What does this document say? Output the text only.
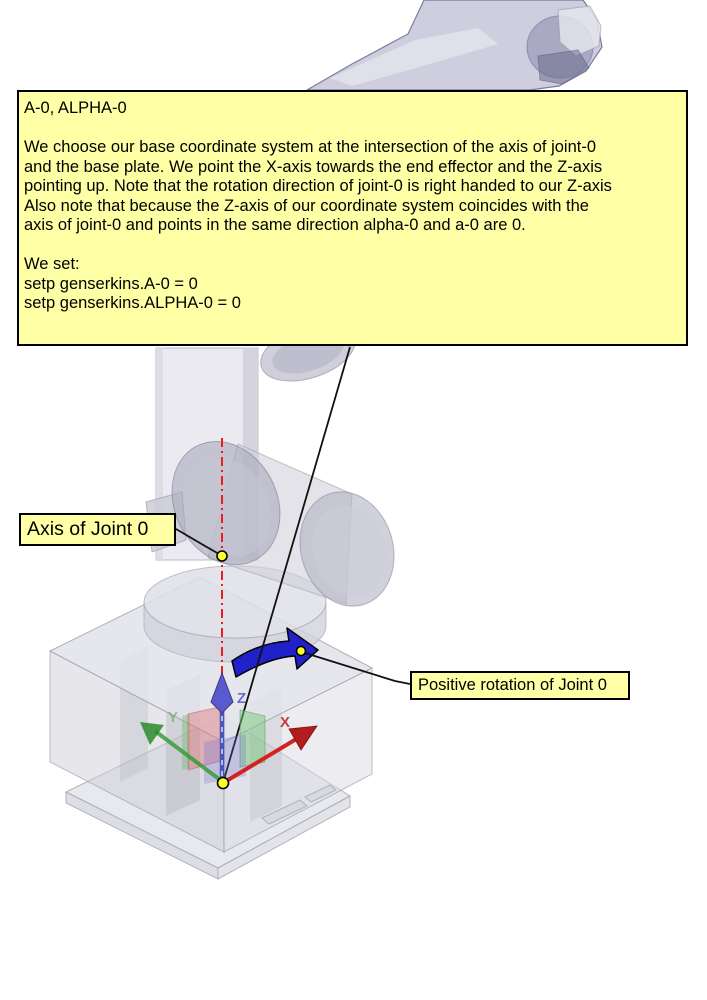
X
Y
Z
A-0, ALPHA-0
We choose our base coordinate system at the intersection of the axis of joint-0
and the base plate. We point the X-axis towards the end effector and the Z-axis
pointing up. Note that the rotation direction of joint-0 is right handed to our Z-axis
Also note that because the Z-axis of our coordinate system coincides with the
axis of joint-0 and points in the same direction alpha-0 and a-0 are 0.
We set:
setp genserkins.A-0 = 0
setp genserkins.ALPHA-0 = 0
Axis of Joint 0
Positive rotation of Joint 0
